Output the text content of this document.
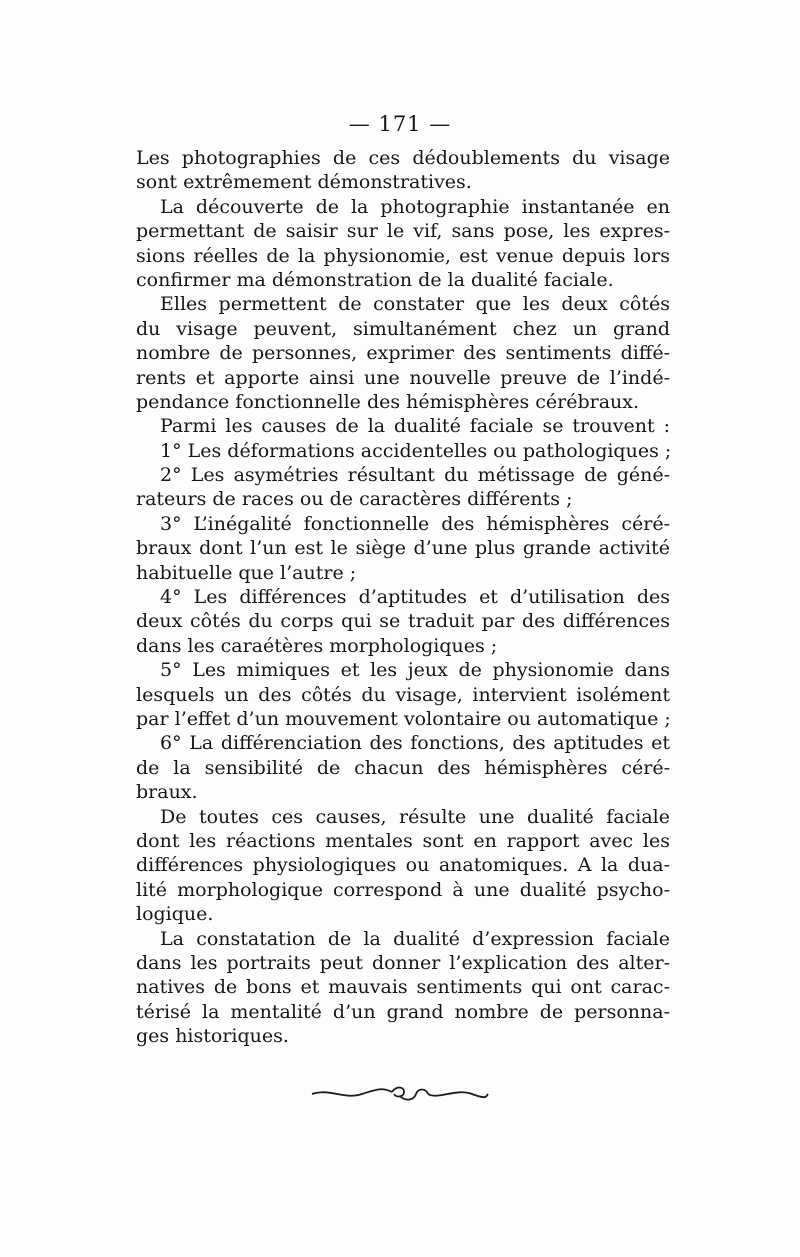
— 171 —
Les photographies de ces dédoublements du visage
sont extrêmement démonstratives.
La découverte de la photographie instantanée en
permettant de saisir sur le vif, sans pose, les expres-
sions réelles de la physionomie, est venue depuis lors
confirmer ma démonstration de la dualité faciale.
Elles permettent de constater que les deux côtés
du visage peuvent, simultanément chez un grand
nombre de personnes, exprimer des sentiments diffé-
rents et apporte ainsi une nouvelle preuve de l’indé-
pendance fonctionnelle des hémisphères cérébraux.
Parmi les causes de la dualité faciale se trouvent :
1° Les déformations accidentelles ou pathologiques ;
2° Les asymétries résultant du métissage de géné-
rateurs de races ou de caractères différents ;
3° L’inégalité fonctionnelle des hémisphères céré-
braux dont l’un est le siège d’une plus grande activité
habituelle que l’autre ;
4° Les différences d’aptitudes et d’utilisation des
deux côtés du corps qui se traduit par des différences
dans les caraétères morphologiques ;
5° Les mimiques et les jeux de physionomie dans
lesquels un des côtés du visage, intervient isolément
par l’effet d’un mouvement volontaire ou automatique ;
6° La différenciation des fonctions, des aptitudes et
de la sensibilité de chacun des hémisphères céré-
braux.
De toutes ces causes, résulte une dualité faciale
dont les réactions mentales sont en rapport avec les
différences physiologiques ou anatomiques. A la dua-
lité morphologique correspond à une dualité psycho-
logique.
La constatation de la dualité d’expression faciale
dans les portraits peut donner l’explication des alter-
natives de bons et mauvais sentiments qui ont carac-
térisé la mentalité d’un grand nombre de personna-
ges historiques.
